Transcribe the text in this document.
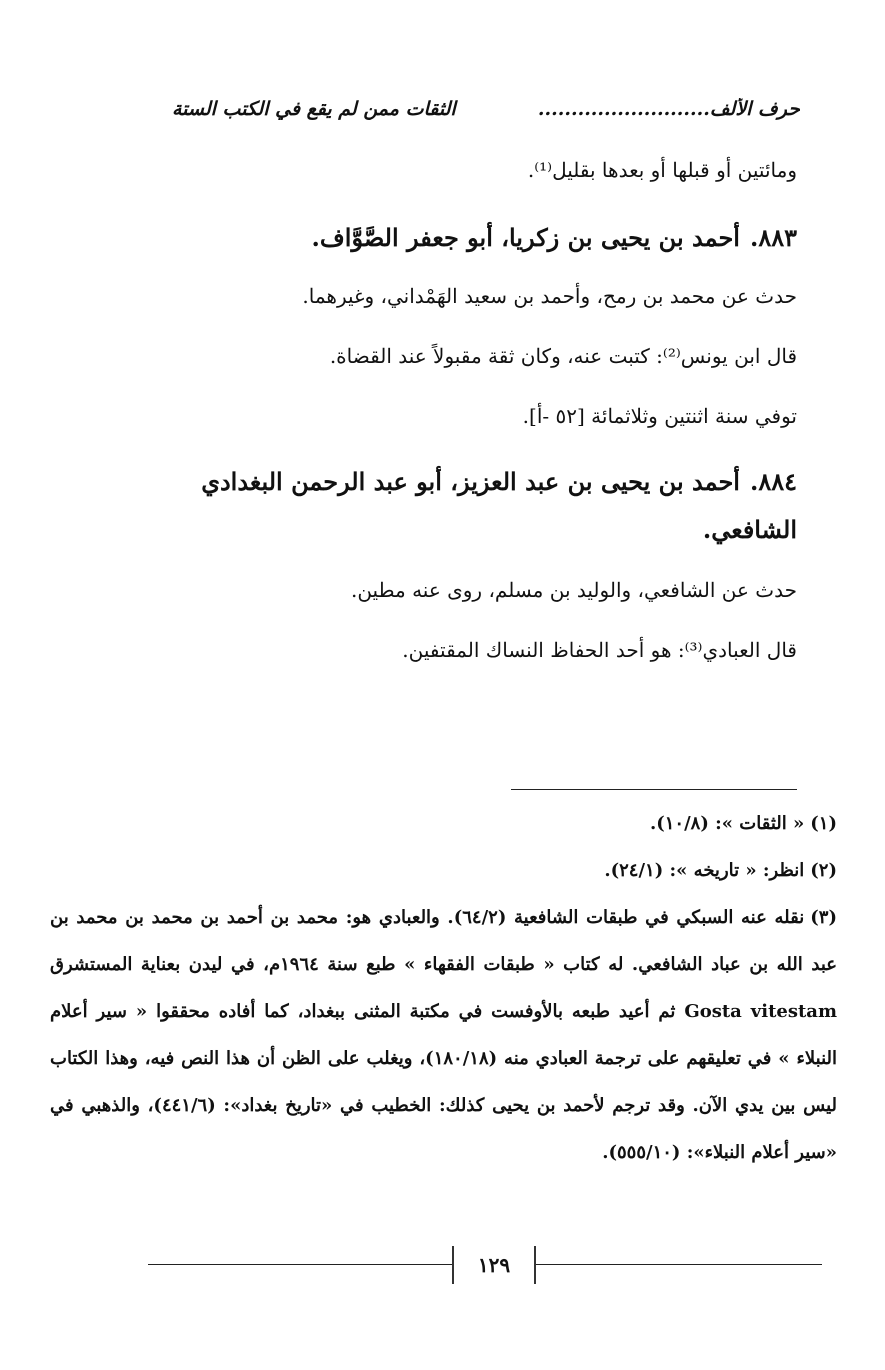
حرف الألف..........................
الثقات ممن لم يقع في الكتب الستة
ومائتين أو قبلها أو بعدها بقليل⁽¹⁾.
٨٨٣.أحمد بن يحيى بن زكريا، أبو جعفر الصَّوَّاف.
حدث عن محمد بن رمح، وأحمد بن سعيد الهَمْداني، وغيرهما.
قال ابن يونس⁽²⁾: كتبت عنه، وكان ثقة مقبولاً عند القضاة.
توفي سنة اثنتين وثلاثمائة [٥٢ -أ].
٨٨٤.أحمد بن يحيى بن عبد العزيز، أبو عبد الرحمن البغدادي الشافعي.
حدث عن الشافعي، والوليد بن مسلم، روى عنه مطين.
قال العبادي⁽³⁾: هو أحد الحفاظ النساك المقتفين.
(١)« الثقات »: (١٠/٨).
(٢)انظر: « تاريخه »: (٢٤/١).
(٣)نقله عنه السبكي في طبقات الشافعية (٦٤/٢). والعبادي هو: محمد بن أحمد بن محمد بن محمد بن عبد الله بن عباد الشافعي. له كتاب « طبقات الفقهاء » طبع سنة ١٩٦٤م، في ليدن بعناية المستشرق Gosta vitestam ثم أعيد طبعه بالأوفست في مكتبة المثنى ببغداد، كما أفاده محققوا « سير أعلام النبلاء » في تعليقهم على ترجمة العبادي منه (١٨٠/١٨)، ويغلب على الظن أن هذا النص فيه، وهذا الكتاب ليس بين يدي الآن. وقد ترجم لأحمد بن يحيى كذلك: الخطيب في «تاريخ بغداد»: (٤٤١/٦)، والذهبي في «سير أعلام النبلاء»: (٥٥٥/١٠).
١٢٩
